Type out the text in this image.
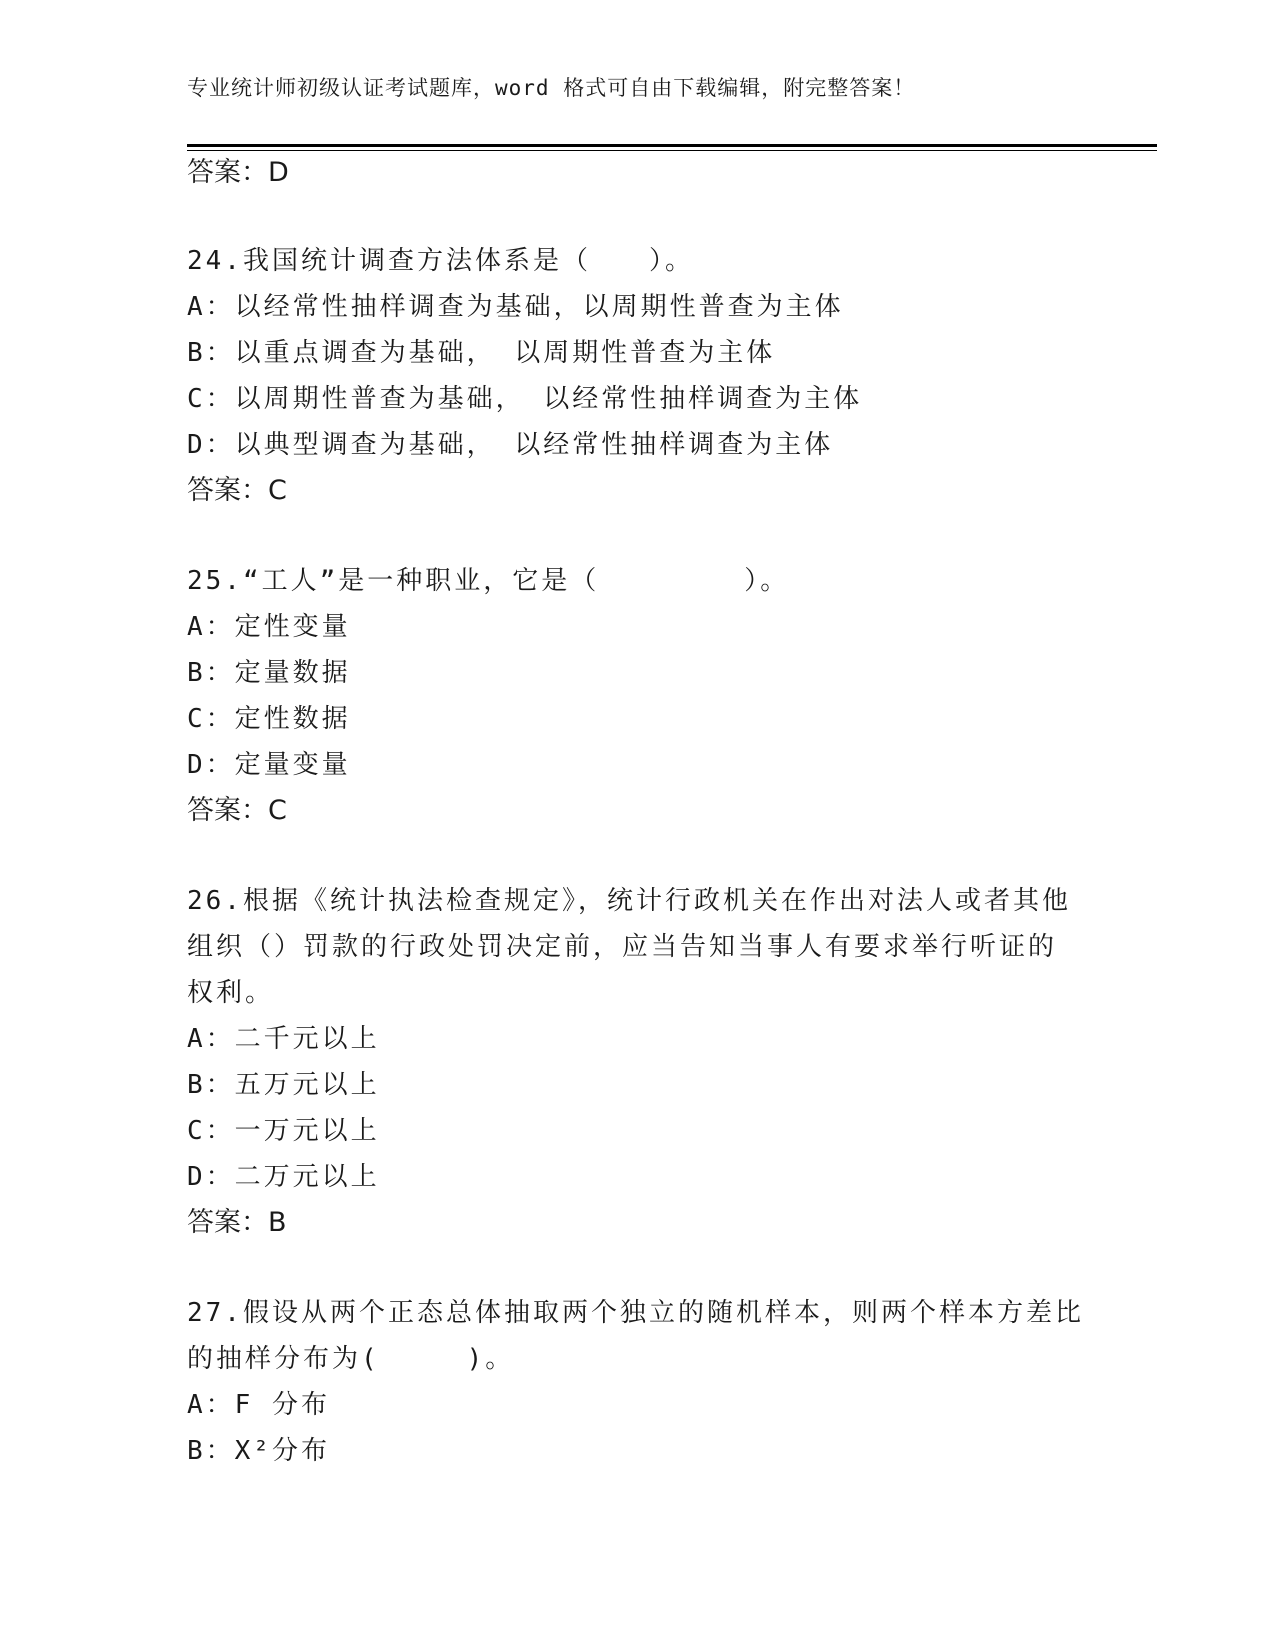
专业统计师初级认证考试题库，word 格式可自由下载编辑，附完整答案！
答案：D
24.我国统计调查方法体系是（　　）。
A：以经常性抽样调查为基础，以周期性普查为主体
B：以重点调查为基础， 以周期性普查为主体
C：以周期性普查为基础， 以经常性抽样调查为主体
D：以典型调查为基础， 以经常性抽样调查为主体
答案：C
25.“工人”是一种职业，它是（　　　　　）。
A：定性变量
B：定量数据
C：定性数据
D：定量变量
答案：C
26.根据《统计执法检查规定》，统计行政机关在作出对法人或者其他
组织（）罚款的行政处罚决定前，应当告知当事人有要求举行听证的
权利。
A：二千元以上
B：五万元以上
C：一万元以上
D：二万元以上
答案：B
27.假设从两个正态总体抽取两个独立的随机样本，则两个样本方差比
的抽样分布为(　　　)。
A：F 分布
B：X²分布
